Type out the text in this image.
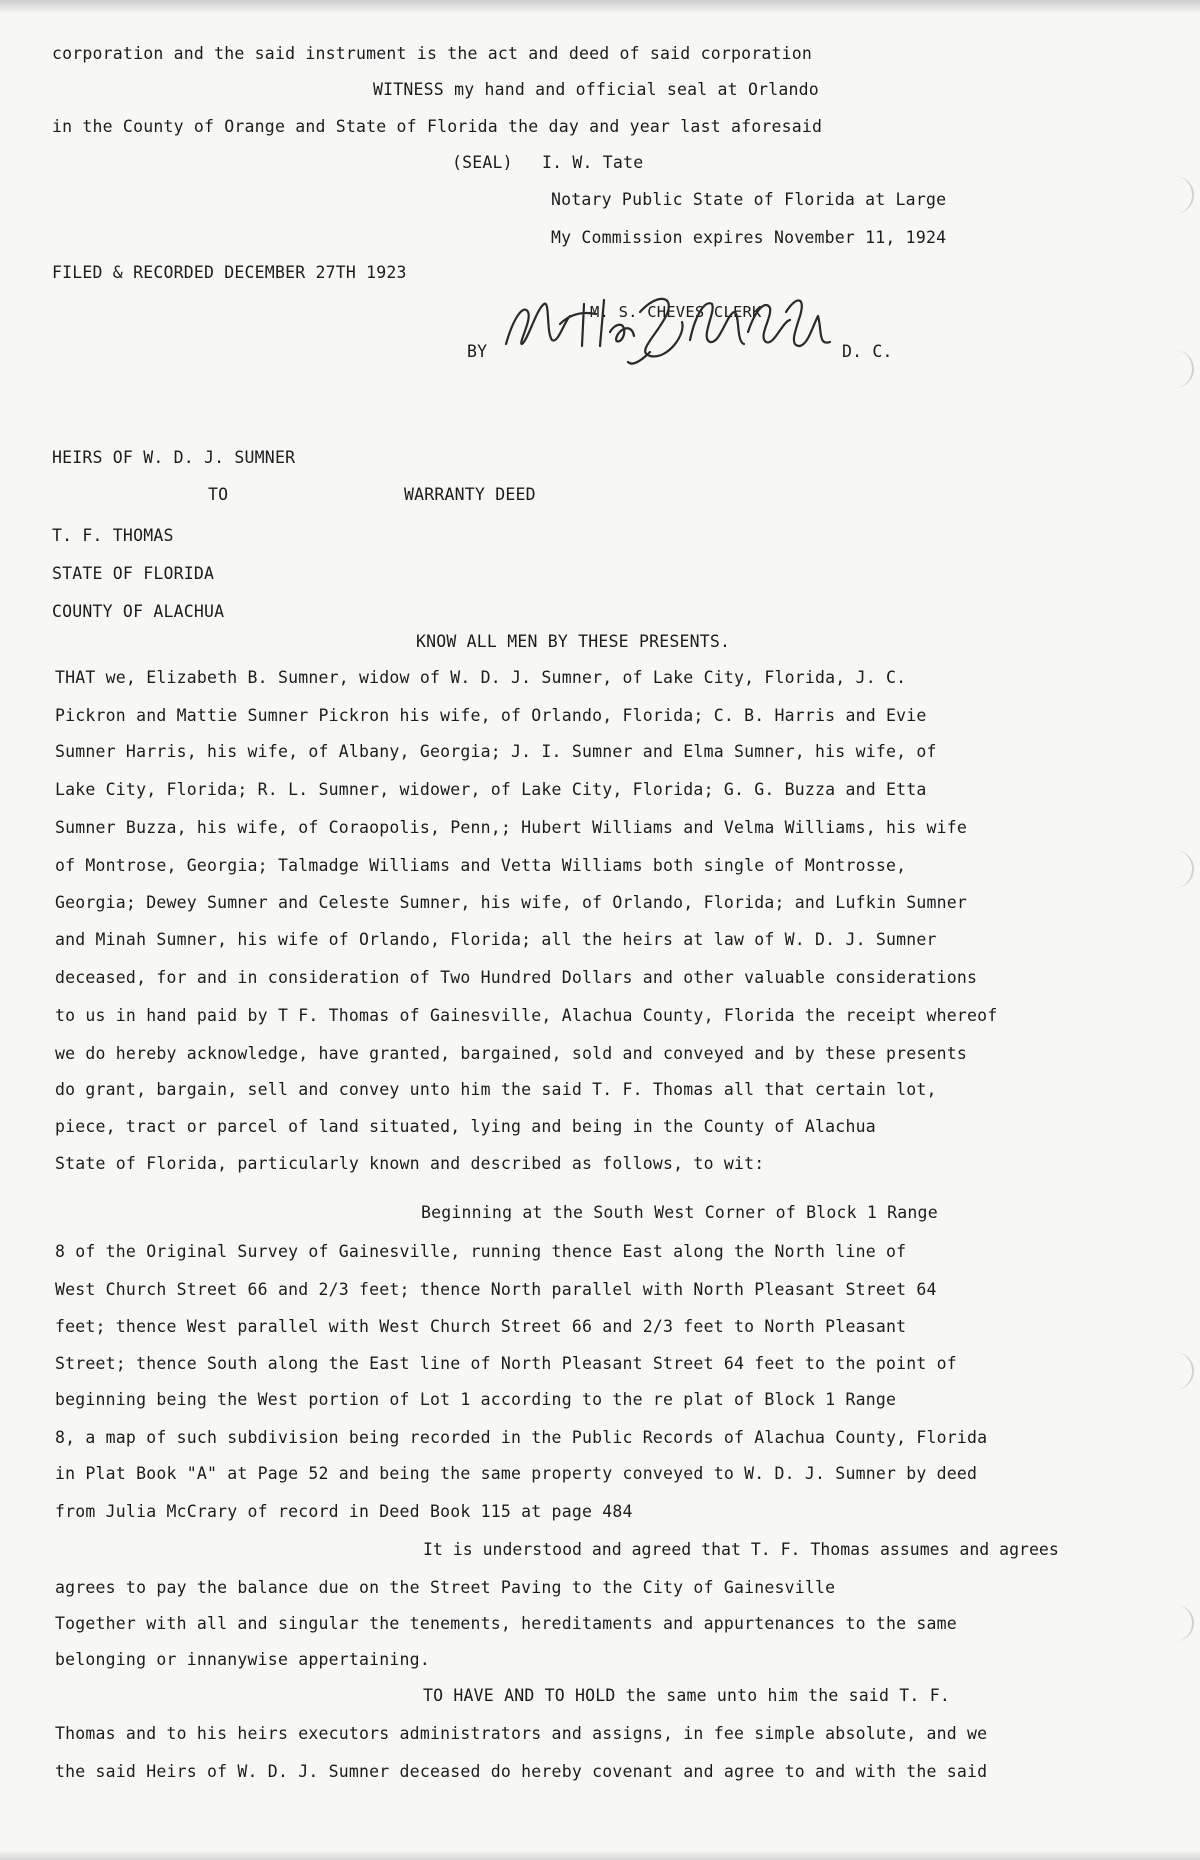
corporation and the said instrument is the act and deed of said corporation
WITNESS my hand and official seal at Orlando
in the County of Orange and State of Florida the day and year last aforesaid
(SEAL) I. W. Tate
Notary Public State of Florida at Large
My Commission expires November 11, 1924
FILED & RECORDED DECEMBER 27TH 1923
M. S. CHEVES CLERK
BY	D. C.
HEIRS OF W. D. J. SUMNER
TO	WARRANTY DEED
T. F. THOMAS
STATE OF FLORIDA
COUNTY OF ALACHUA
KNOW ALL MEN BY THESE PRESENTS.
THAT we, Elizabeth B. Sumner, widow of W. D. J. Sumner, of Lake City, Florida, J. C.
Pickron and Mattie Sumner Pickron his wife, of Orlando, Florida; C. B. Harris and Evie
Sumner Harris, his wife, of Albany, Georgia; J. I. Sumner and Elma Sumner, his wife, of
Lake City, Florida; R. L. Sumner, widower, of Lake City, Florida; G. G. Buzza and Etta
Sumner Buzza, his wife, of Coraopolis, Penn,; Hubert Williams and Velma Williams, his wife
of Montrose, Georgia; Talmadge Williams and Vetta Williams both single of Montrosse,
Georgia; Dewey Sumner and Celeste Sumner, his wife, of Orlando, Florida; and Lufkin Sumner
and Minah Sumner, his wife of Orlando, Florida; all the heirs at law of W. D. J. Sumner
deceased, for and in consideration of Two Hundred Dollars and other valuable considerations
to us in hand paid by T F. Thomas of Gainesville, Alachua County, Florida the receipt whereof
we do hereby acknowledge, have granted, bargained, sold and conveyed and by these presents
do grant, bargain, sell and convey unto him the said T. F. Thomas all that certain lot,
piece, tract or parcel of land situated, lying and being in the County of Alachua
State of Florida, particularly known and described as follows, to wit:
Beginning at the South West Corner of Block 1 Range
8 of the Original Survey of Gainesville, running thence East along the North line of
West Church Street 66 and 2/3 feet; thence North parallel with North Pleasant Street 64
feet; thence West parallel with West Church Street 66 and 2/3 feet to North Pleasant
Street; thence South along the East line of North Pleasant Street 64 feet to the point of
beginning being the West portion of Lot 1 according to the re plat of Block 1 Range
8, a map of such subdivision being recorded in the Public Records of Alachua County, Florida
in Plat Book "A" at Page 52 and being the same property conveyed to W. D. J. Sumner by deed
from Julia McCrary of record in Deed Book 115 at page 484
It is understood and agreed that T. F. Thomas assumes and agrees
agrees to pay the balance due on the Street Paving to the City of Gainesville
Together with all and singular the tenements, hereditaments and appurtenances to the same
belonging or innanywise appertaining.
TO HAVE AND TO HOLD the same unto him the said T. F.
Thomas and to his heirs executors administrators and assigns, in fee simple absolute, and we
the said Heirs of W. D. J. Sumner deceased do hereby covenant and agree to and with the said
